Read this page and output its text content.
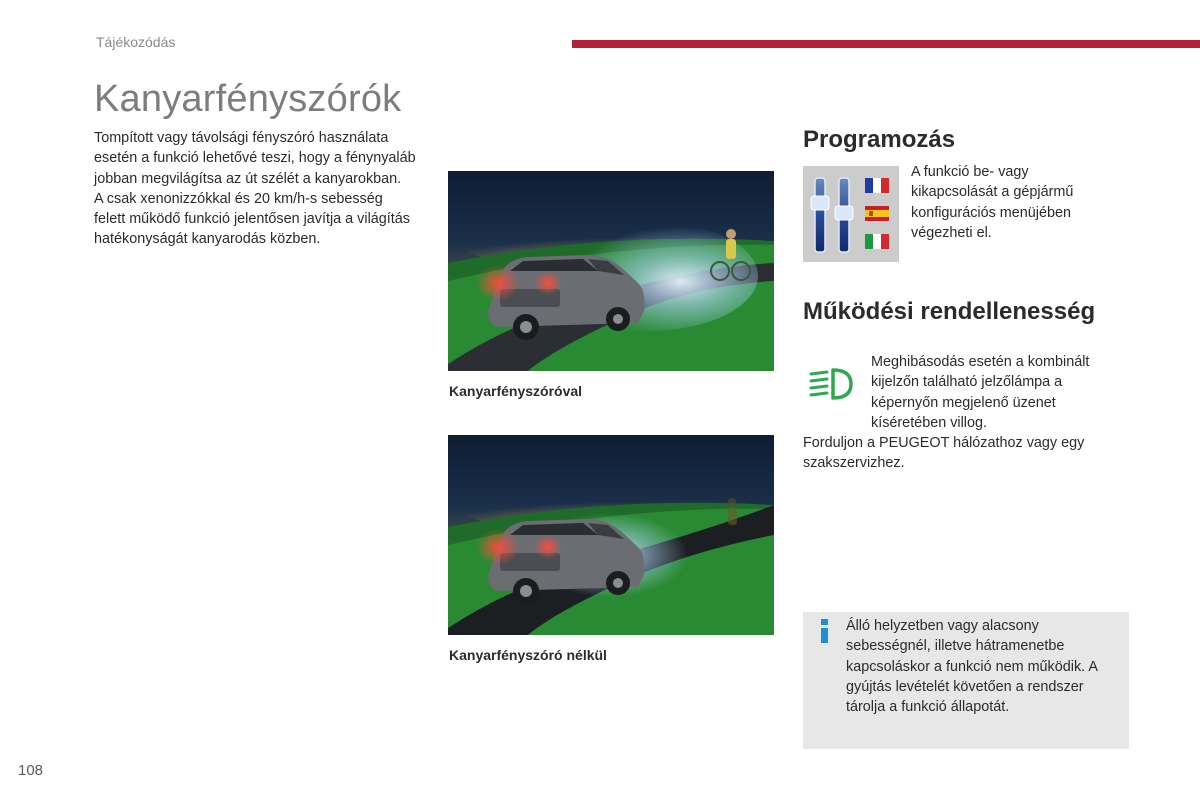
Tájékozódás
Kanyarfényszórók

Tompított vagy távolsági fényszóró használata esetén a funkció lehetővé teszi, hogy a fénynyaláb jobban megvilágítsa az út szélét a kanyarokban.

A csak xenonizzókkal és 20 km/h-s sebesség felett működő funkció jelentősen javítja a világítás hatékonyságát kanyarodás közben.

Kanyarfényszóróval
Kanyarfényszóró nélkül
Programozás
A funkció be- vagy kikapcsolását a gépjármű konfigurációs menüjében végezheti el.
Működési rendellenesség
Meghibásodás esetén a kombinált kijelzőn található jelzőlámpa a képernyőn megjelenő üzenet kíséretében villog.
Forduljon a PEUGEOT hálózathoz vagy egy szakszervizhez.
Álló helyzetben vagy alacsony sebességnél, illetve hátramenetbe kapcsoláskor a funkció nem működik. A gyújtás levételét követően a rendszer tárolja a funkció állapotát.
108
